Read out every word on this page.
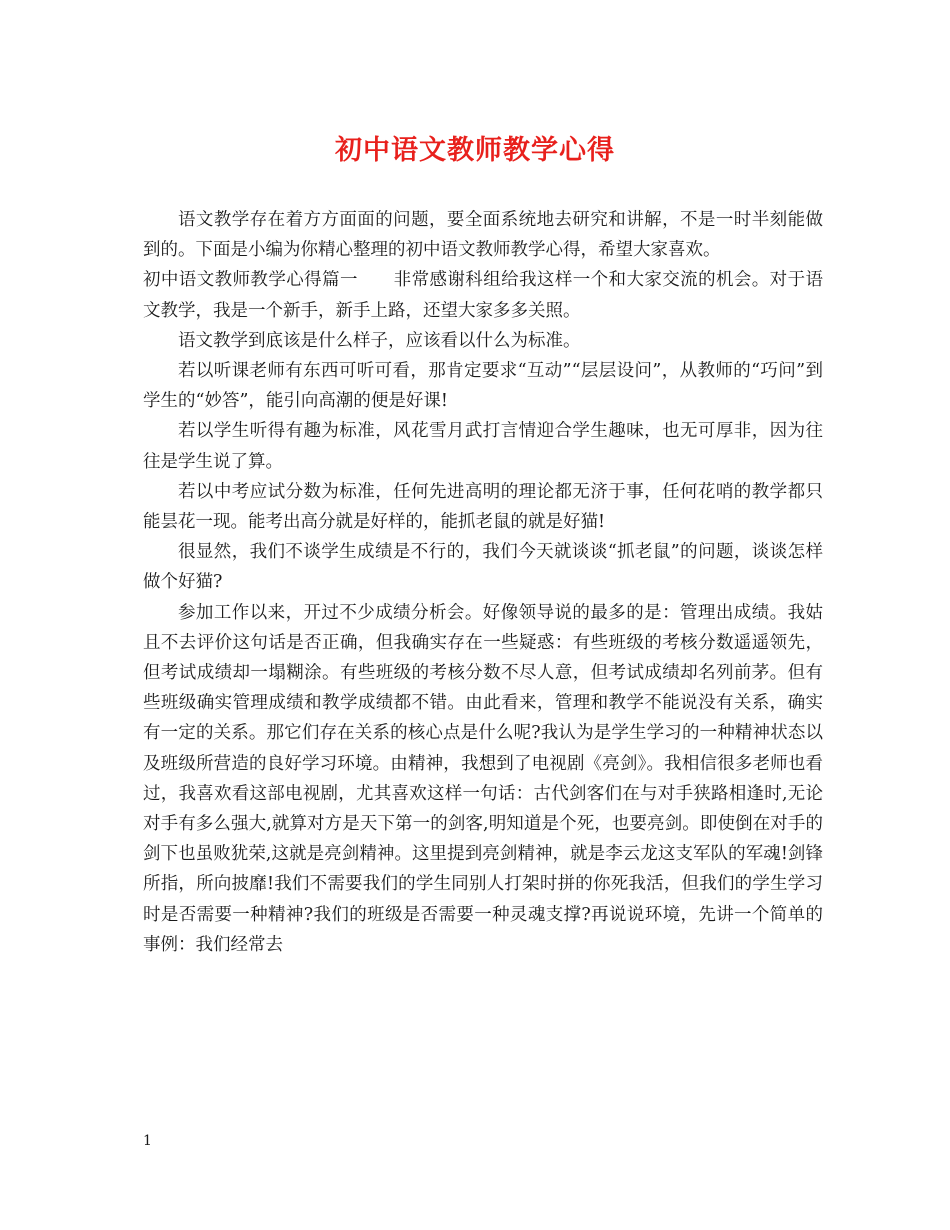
初中语文教师教学心得

语文教学存在着方方面面的问题，要全面系统地去研究和讲解，不是一时半刻能做到的。下面是小编为你精心整理的初中语文教师教学心得，希望大家喜欢。

初中语文教师教学心得篇一　　非常感谢科组给我这样一个和大家交流的机会。对于语文教学，我是一个新手，新手上路，还望大家多多关照。

语文教学到底该是什么样子，应该看以什么为标准。

若以听课老师有东西可听可看，那肯定要求“互动”“层层设问”，从教师的“巧问”到学生的“妙答”，能引向高潮的便是好课!

若以学生听得有趣为标准，风花雪月武打言情迎合学生趣味，也无可厚非，因为往往是学生说了算。

若以中考应试分数为标准，任何先进高明的理论都无济于事，任何花哨的教学都只能昙花一现。能考出高分就是好样的，能抓老鼠的就是好猫!

很显然，我们不谈学生成绩是不行的，我们今天就谈谈“抓老鼠”的问题，谈谈怎样做个好猫?

参加工作以来，开过不少成绩分析会。好像领导说的最多的是：管理出成绩。我姑且不去评价这句话是否正确，但我确实存在一些疑惑：有些班级的考核分数遥遥领先，但考试成绩却一塌糊涂。有些班级的考核分数不尽人意，但考试成绩却名列前茅。但有些班级确实管理成绩和教学成绩都不错。由此看来，管理和教学不能说没有关系，确实有一定的关系。那它们存在关系的核心点是什么呢?我认为是学生学习的一种精神状态以及班级所营造的良好学习环境。由精神，我想到了电视剧《亮剑》。我相信很多老师也看过，我喜欢看这部电视剧，尤其喜欢这样一句话：古代剑客们在与对手狭路相逢时,无论对手有多么强大,就算对方是天下第一的剑客,明知道是个死，也要亮剑。即使倒在对手的剑下也虽败犹荣,这就是亮剑精神。这里提到亮剑精神，就是李云龙这支军队的军魂!剑锋所指，所向披靡!我们不需要我们的学生同别人打架时拼的你死我活，但我们的学生学习时是否需要一种精神?我们的班级是否需要一种灵魂支撑?再说说环境，先讲一个简单的事例：我们经常去

1
